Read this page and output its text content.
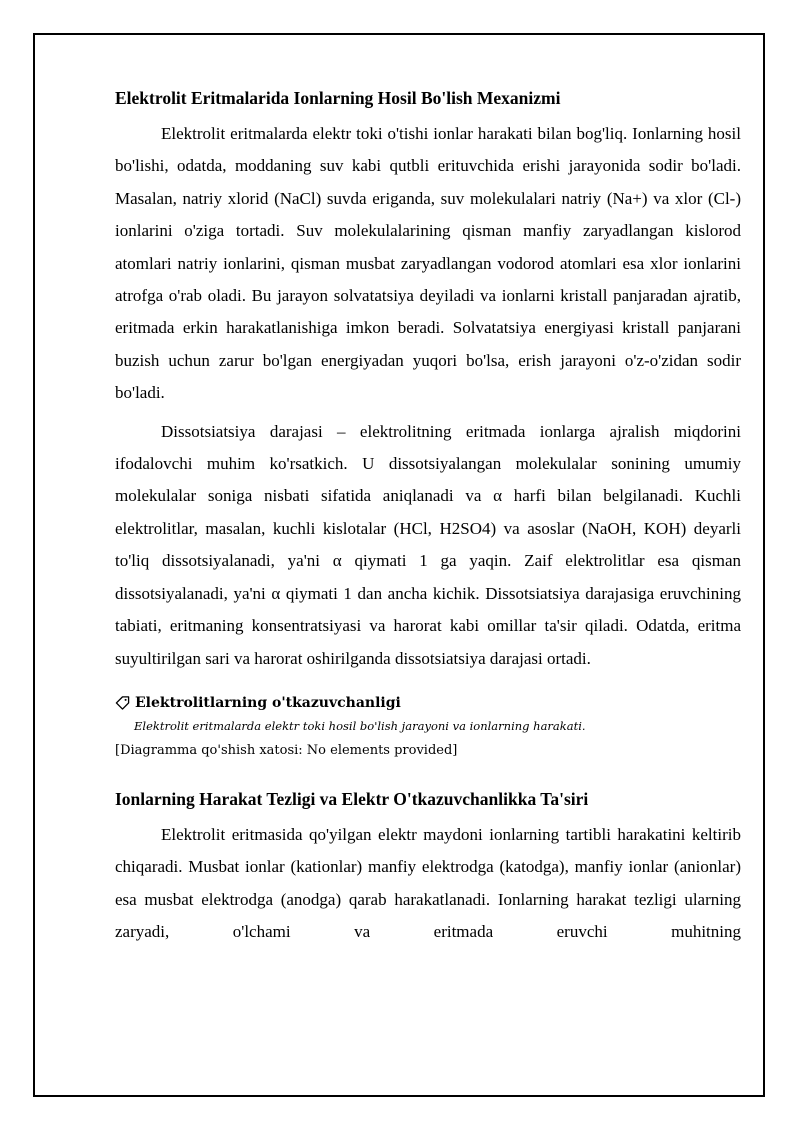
Elektrolit Eritmalarida Ionlarning Hosil Bo'lish Mexanizmi

Elektrolit eritmalarda elektr toki o'tishi ionlar harakati bilan bog'liq. Ionlarning hosil bo'lishi, odatda, moddaning suv kabi qutbli erituvchida erishi jarayonida sodir bo'ladi. Masalan, natriy xlorid (NaCl) suvda eriganda, suv molekulalari natriy (Na+) va xlor (Cl-) ionlarini o'ziga tortadi. Suv molekulalarining qisman manfiy zaryadlangan kislorod atomlari natriy ionlarini, qisman musbat zaryadlangan vodorod atomlari esa xlor ionlarini atrofga o'rab oladi. Bu jarayon solvatatsiya deyiladi va ionlarni kristall panjaradan ajratib, eritmada erkin harakatlanishiga imkon beradi. Solvatatsiya energiyasi kristall panjarani buzish uchun zarur bo'lgan energiyadan yuqori bo'lsa, erish jarayoni o'z-o'zidan sodir bo'ladi.

Dissotsiatsiya darajasi – elektrolitning eritmada ionlarga ajralish miqdorini ifodalovchi muhim ko'rsatkich. U dissotsiyalangan molekulalar sonining umumiy molekulalar soniga nisbati sifatida aniqlanadi va α harfi bilan belgilanadi. Kuchli elektrolitlar, masalan, kuchli kislotalar (HCl, H2SO4) va asoslar (NaOH, KOH) deyarli to'liq dissotsiyalanadi, ya'ni α qiymati 1 ga yaqin. Zaif elektrolitlar esa qisman dissotsiyalanadi, ya'ni α qiymati 1 dan ancha kichik. Dissotsiatsiya darajasiga eruvchining tabiati, eritmaning konsentratsiyasi va harorat kabi omillar ta'sir qiladi. Odatda, eritma suyultirilgan sari va harorat oshirilganda dissotsiatsiya darajasi ortadi.

Elektrolitlarning o'tkazuvchanligi
Elektrolit eritmalarda elektr toki hosil bo'lish jarayoni va ionlarning harakati.
[Diagramma qo'shish xatosi: No elements provided]
Ionlarning Harakat Tezligi va Elektr O'tkazuvchanlikka Ta'siri

Elektrolit eritmasida qo'yilgan elektr maydoni ionlarning tartibli harakatini keltirib chiqaradi. Musbat ionlar (kationlar) manfiy elektrodga (katodga), manfiy ionlar (anionlar) esa musbat elektrodga (anodga) qarab harakatlanadi. Ionlarning harakat tezligi ularning zaryadi, o'lchami va eritmada eruvchi muhitning
